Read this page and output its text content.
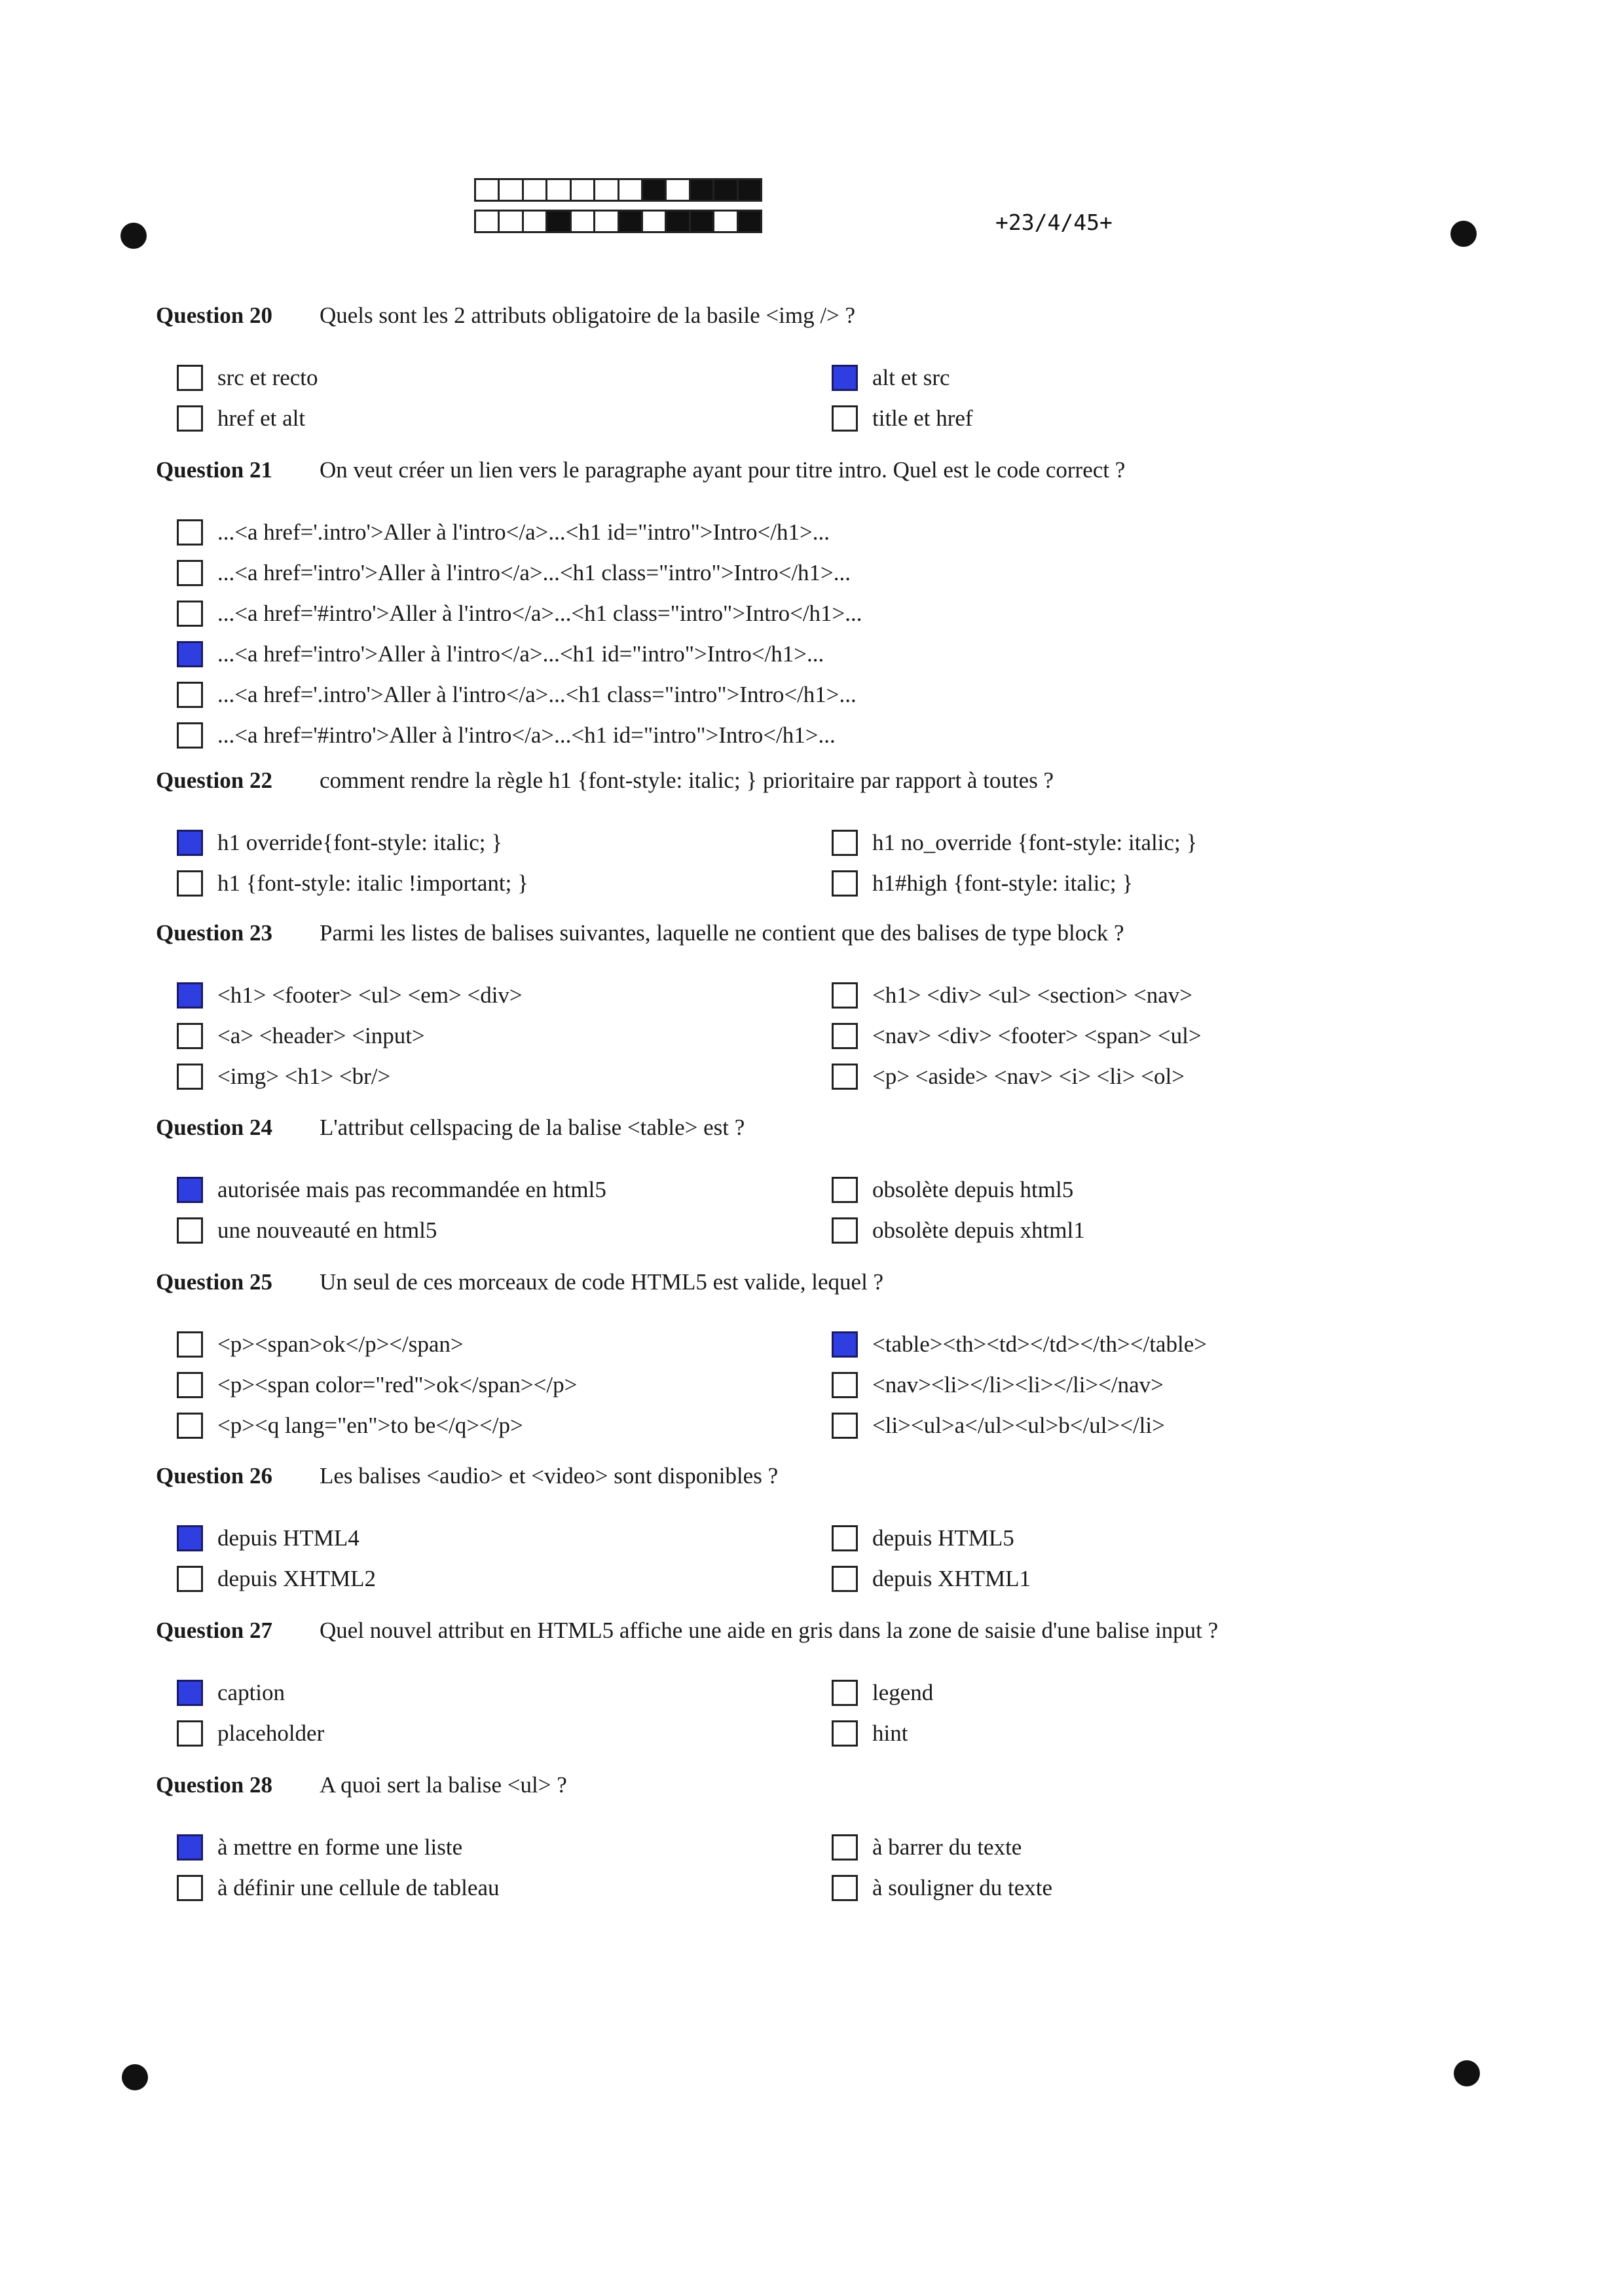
+23/4/45+
Question 20	Quels sont les 2 attributs obligatoire de la basile <img /> ?
src et recto
href et alt
alt et src
title et href
Question 21	On veut créer un lien vers le paragraphe ayant pour titre intro. Quel est le code correct ?
...<a href='.intro'>Aller à l'intro</a>...<h1 id="intro">Intro</h1>...
...<a href='intro'>Aller à l'intro</a>...<h1 class="intro">Intro</h1>...
...<a href='#intro'>Aller à l'intro</a>...<h1 class="intro">Intro</h1>...
...<a href='intro'>Aller à l'intro</a>...<h1 id="intro">Intro</h1>...
...<a href='.intro'>Aller à l'intro</a>...<h1 class="intro">Intro</h1>...
...<a href='#intro'>Aller à l'intro</a>...<h1 id="intro">Intro</h1>...
Question 22	comment rendre la règle h1 {font-style: italic; } prioritaire par rapport à toutes ?
h1 override{font-style: italic; }
h1 {font-style: italic !important; }
h1 no_override {font-style: italic; }
h1#high {font-style: italic; }
Question 23	Parmi les listes de balises suivantes, laquelle ne contient que des balises de type block ?
<h1> <footer> <ul> <em> <div>
<a> <header> <input>
<img> <h1> <br/>
<h1> <div> <ul> <section> <nav>
<nav> <div> <footer> <span> <ul>
<p> <aside> <nav> <i> <li> <ol>
Question 24	L'attribut cellspacing de la balise <table> est ?
autorisée mais pas recommandée en html5
une nouveauté en html5
obsolète depuis html5
obsolète depuis xhtml1
Question 25	Un seul de ces morceaux de code HTML5 est valide, lequel ?
<p><span>ok</p></span>
<p><span color="red">ok</span></p>
<p><q lang="en">to be</q></p>
<table><th><td></td></th></table>
<nav><li></li><li></li></nav>
<li><ul>a</ul><ul>b</ul></li>
Question 26	Les balises <audio> et <video> sont disponibles ?
depuis HTML4
depuis XHTML2
depuis HTML5
depuis XHTML1
Question 27	Quel nouvel attribut en HTML5 affiche une aide en gris dans la zone de saisie d'une balise input ?
caption
placeholder
legend
hint
Question 28	A quoi sert la balise <ul> ?
à mettre en forme une liste
à définir une cellule de tableau
à barrer du texte
à souligner du texte
